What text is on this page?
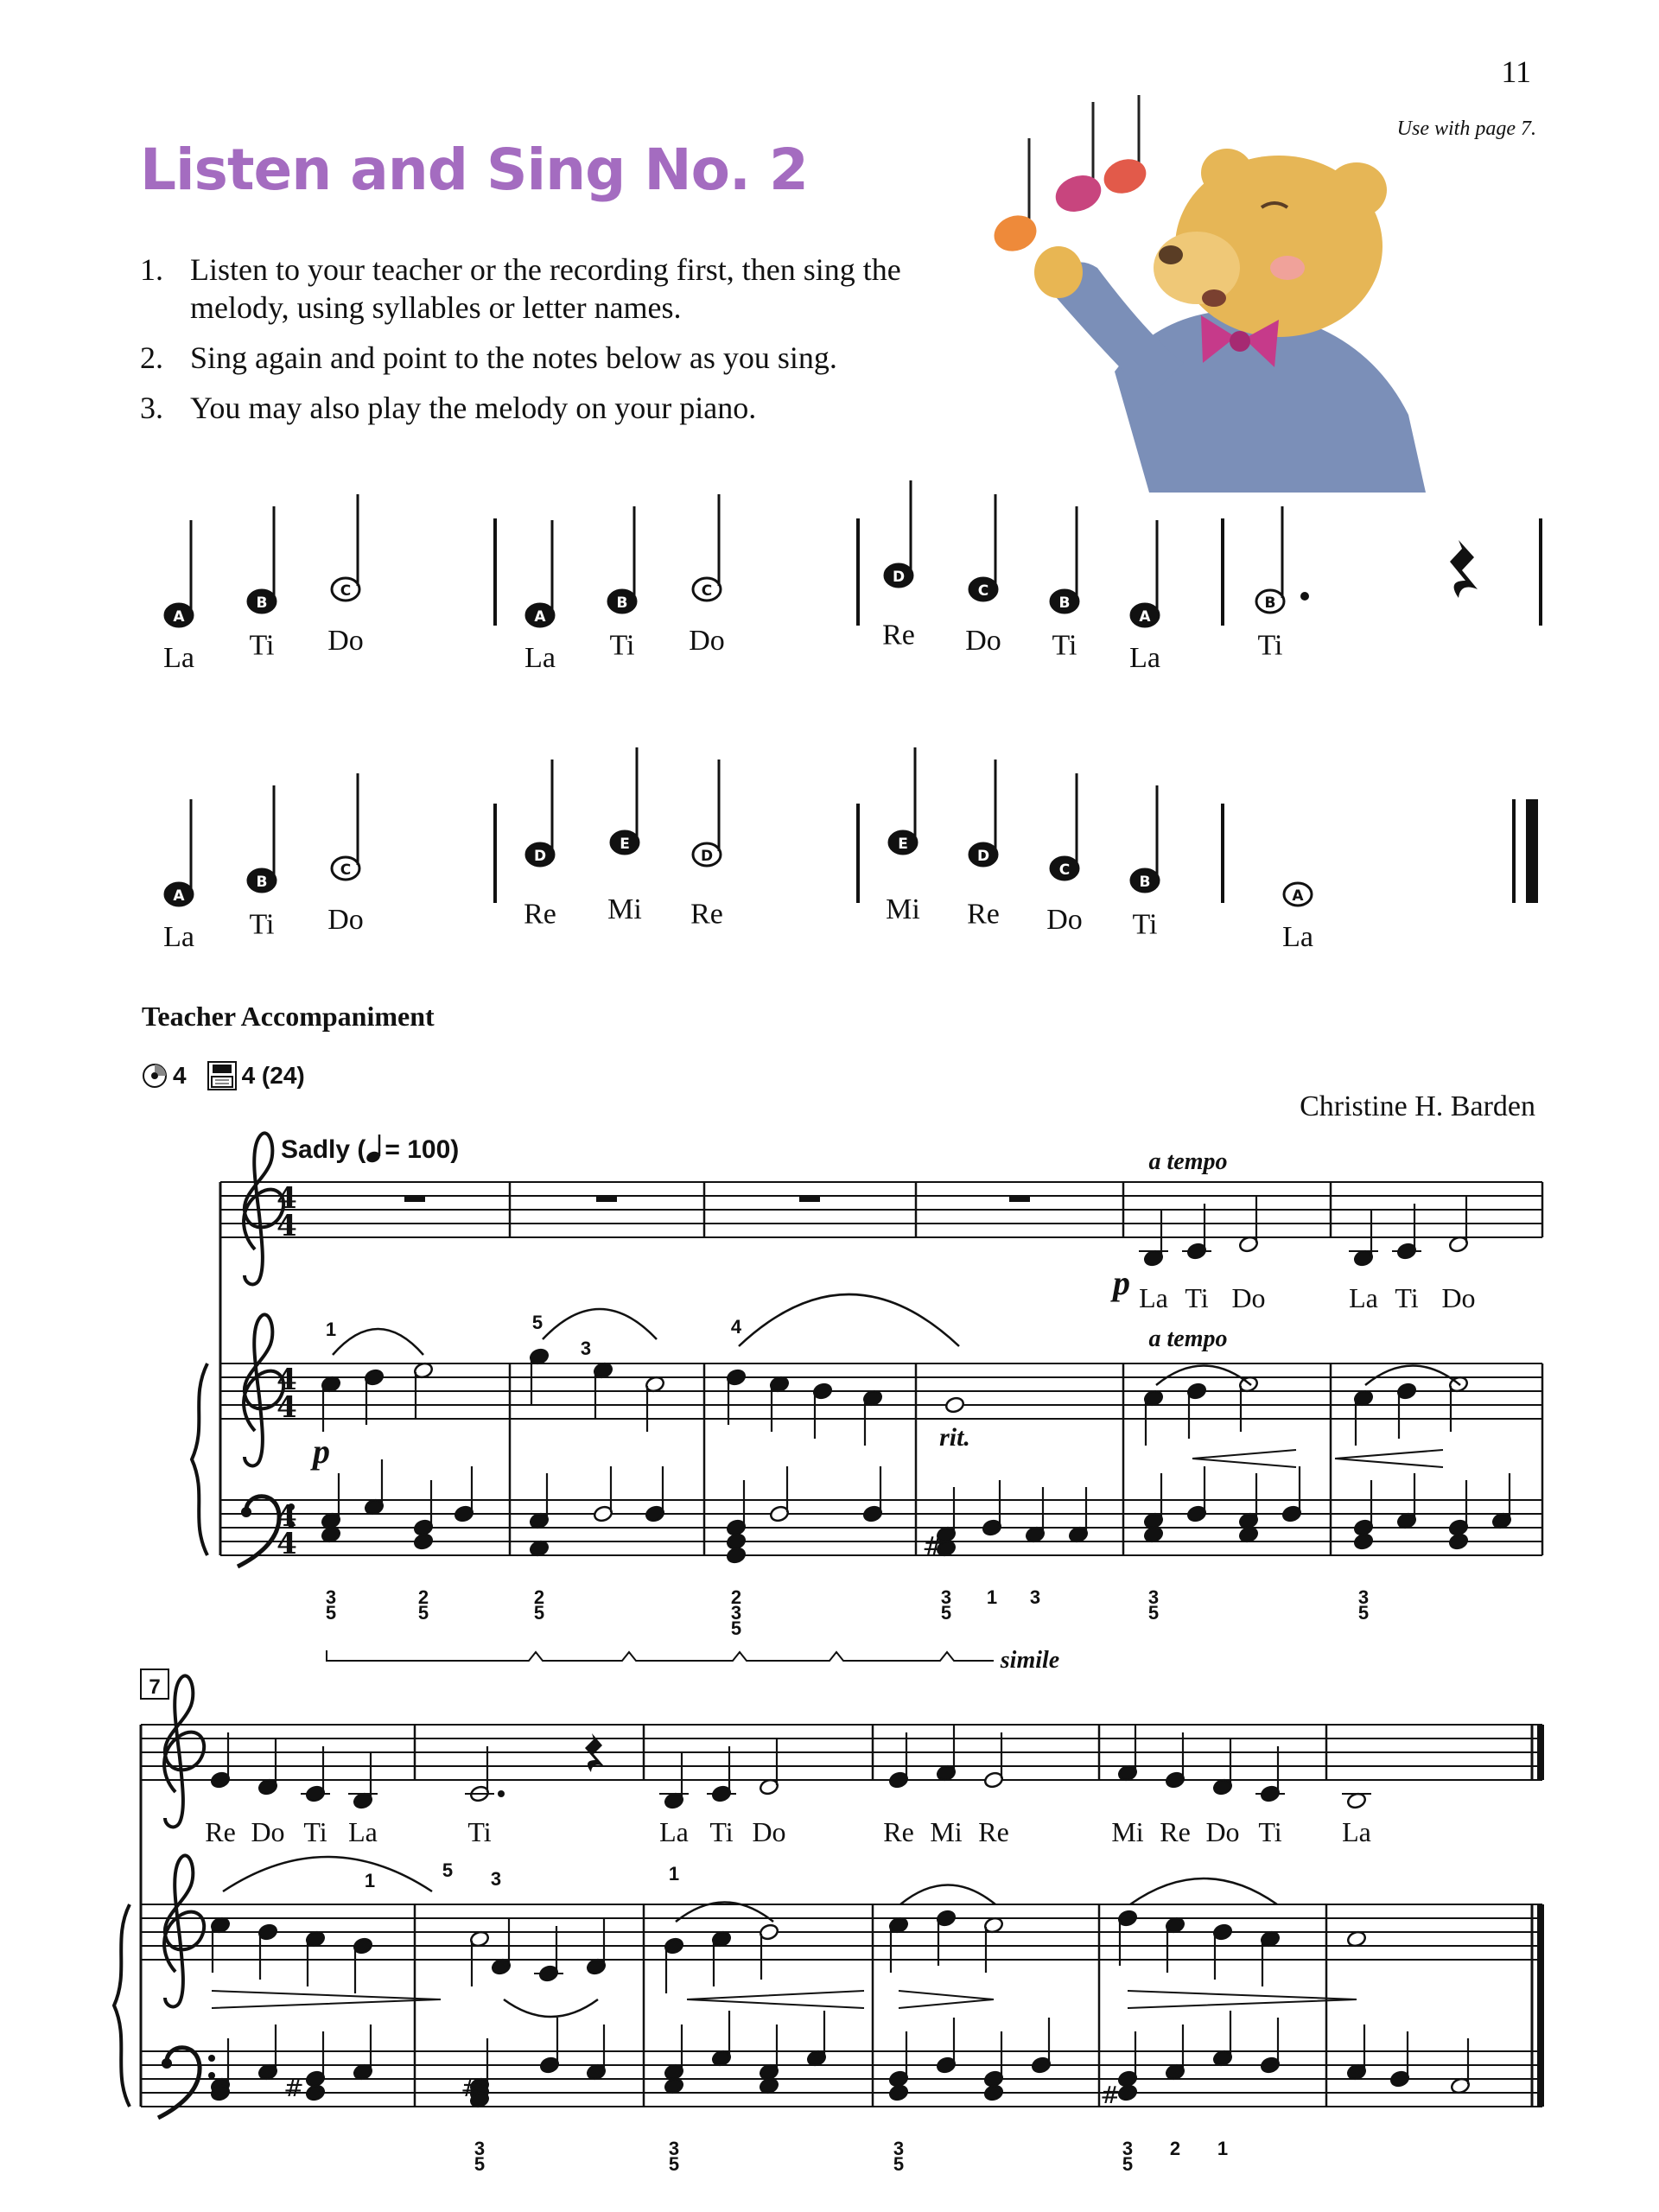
11
Use with page 7.
Listen and Sing No. 2
1. Listen to your teacher or the recording first, then sing the melody, using syllables or letter names.
2. Sing again and point to the notes below as you sing.
3. You may also play the melody on your piano.
A
La
B
Ti
C
Do
A
La
B
Ti
C
Do
D
Re
C
Do
B
Ti
A
La
B
Ti
A
La
B
Ti
C
Do
D
Re
E
Mi
D
Re
E
Mi
D
Re
C
Do
B
Ti
A
La
4
4
4
4
4
4
La Ti Do	La Ti Do
p
a tempo
a tempo
1	5
3
4
p	rit.
#
3
5
2
5
2
5
2
3
5
3
5
1 3	3
5
3
5
simile
7
Re Do Ti La	Ti	La Ti Do	Re Mi Re	Mi Re Do Ti La
1	5 3	1
#	#	#
3
5
3
5
3
5
3
5
2 1
Teacher Accompaniment
4 4 (24)
Christine H. Barden
Sadly ( = 100)
